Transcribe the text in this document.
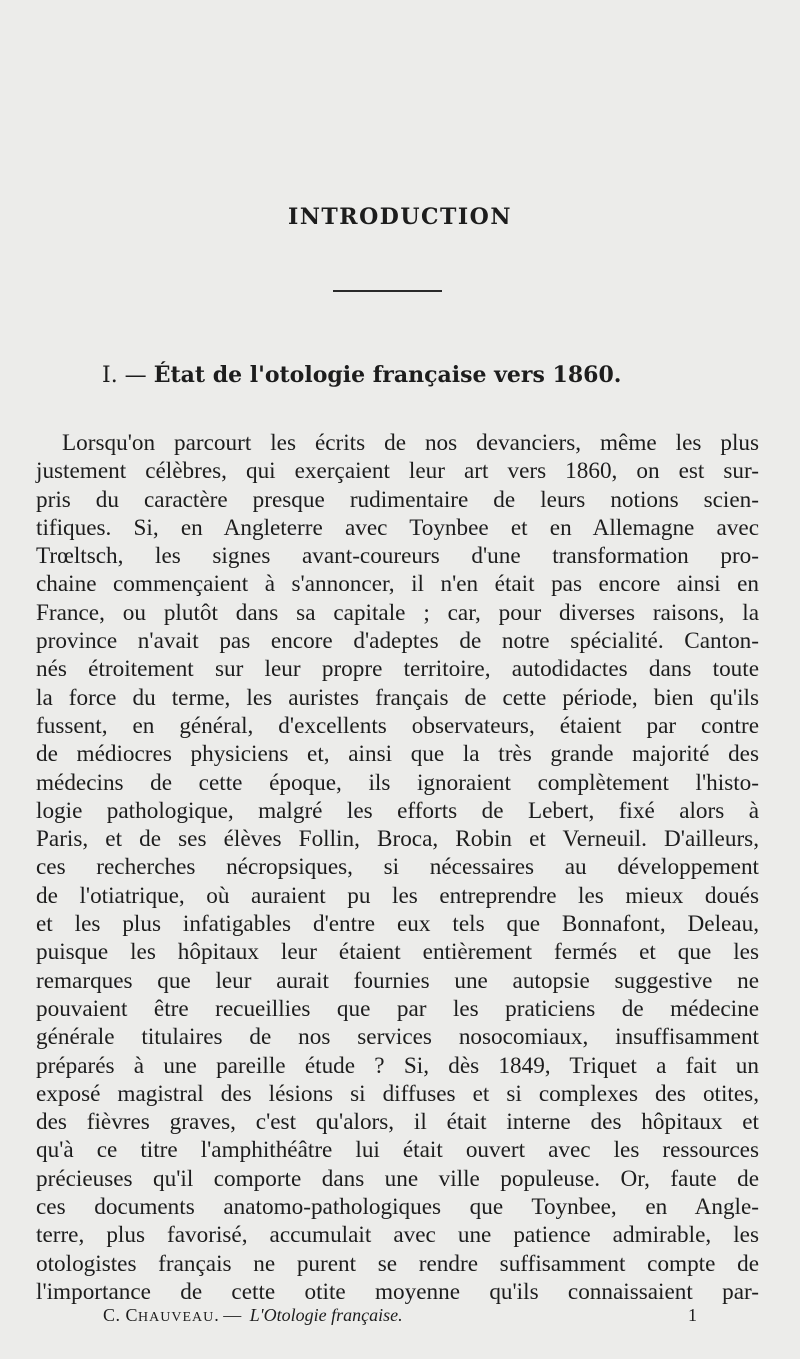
INTRODUCTION
I. — État de l'otologie française vers 1860.
Lorsqu'on parcourt les écrits de nos devanciers, même les plus
justement célèbres, qui exerçaient leur art vers 1860, on est sur-
pris du caractère presque rudimentaire de leurs notions scien-
tifiques. Si, en Angleterre avec Toynbee et en Allemagne avec
Trœltsch, les signes avant-coureurs d'une transformation pro-
chaine commençaient à s'annoncer, il n'en était pas encore ainsi en
France, ou plutôt dans sa capitale ; car, pour diverses raisons, la
province n'avait pas encore d'adeptes de notre spécialité. Canton-
nés étroitement sur leur propre territoire, autodidactes dans toute
la force du terme, les auristes français de cette période, bien qu'ils
fussent, en général, d'excellents observateurs, étaient par contre
de médiocres physiciens et, ainsi que la très grande majorité des
médecins de cette époque, ils ignoraient complètement l'histo-
logie pathologique, malgré les efforts de Lebert, fixé alors à
Paris, et de ses élèves Follin, Broca, Robin et Verneuil. D'ailleurs,
ces recherches nécropsiques, si nécessaires au développement
de l'otiatrique, où auraient pu les entreprendre les mieux doués
et les plus infatigables d'entre eux tels que Bonnafont, Deleau,
puisque les hôpitaux leur étaient entièrement fermés et que les
remarques que leur aurait fournies une autopsie suggestive ne
pouvaient être recueillies que par les praticiens de médecine
générale titulaires de nos services nosocomiaux, insuffisamment
préparés à une pareille étude ? Si, dès 1849, Triquet a fait un
exposé magistral des lésions si diffuses et si complexes des otites,
des fièvres graves, c'est qu'alors, il était interne des hôpitaux et
qu'à ce titre l'amphithéâtre lui était ouvert avec les ressources
précieuses qu'il comporte dans une ville populeuse. Or, faute de
ces documents anatomo-pathologiques que Toynbee, en Angle-
terre, plus favorisé, accumulait avec une patience admirable, les
otologistes français ne purent se rendre suffisamment compte de
l'importance de cette otite moyenne qu'ils connaissaient par-
C. CHAUVEAU. — L'Otologie française.	1
